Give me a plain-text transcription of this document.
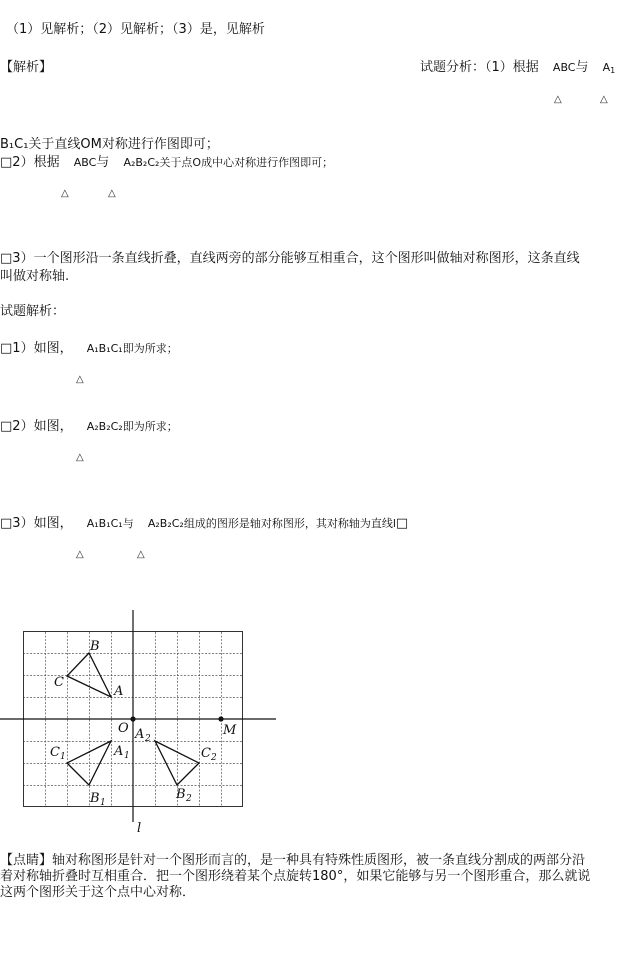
（1）见解析；（2）见解析；（3）是，见解析
【解析】	试题分析：（1）根据 ABC与 $A_1$
△	△
B₁C₁关于直线OM对称进行作图即可；
□2）根据 ABC与 A₂B₂C₂关于点O成中心对称进行作图即可；
△	△
□3）一个图形沿一条直线折叠，直线两旁的部分能够互相重合，这个图形叫做轴对称图形，这条直线
叫做对称轴.
试题解析：
□1）如图， A₁B₁C₁即为所求；
△
□2）如图， A₂B₂C₂即为所求；
△
□3）如图， A₁B₁C₁与 A₂B₂C₂组成的图形是轴对称图形，其对称轴为直线l□
△	△
B
C
A
O	M
C 1	A 1
B 1
A 2
C 2
B 2
l
【点睛】轴对称图形是针对一个图形而言的，是一种具有特殊性质图形，被一条直线分割成的两部分沿
着对称轴折叠时互相重合．把一个图形绕着某个点旋转180°，如果它能够与另一个图形重合，那么就说
这两个图形关于这个点中心对称．
